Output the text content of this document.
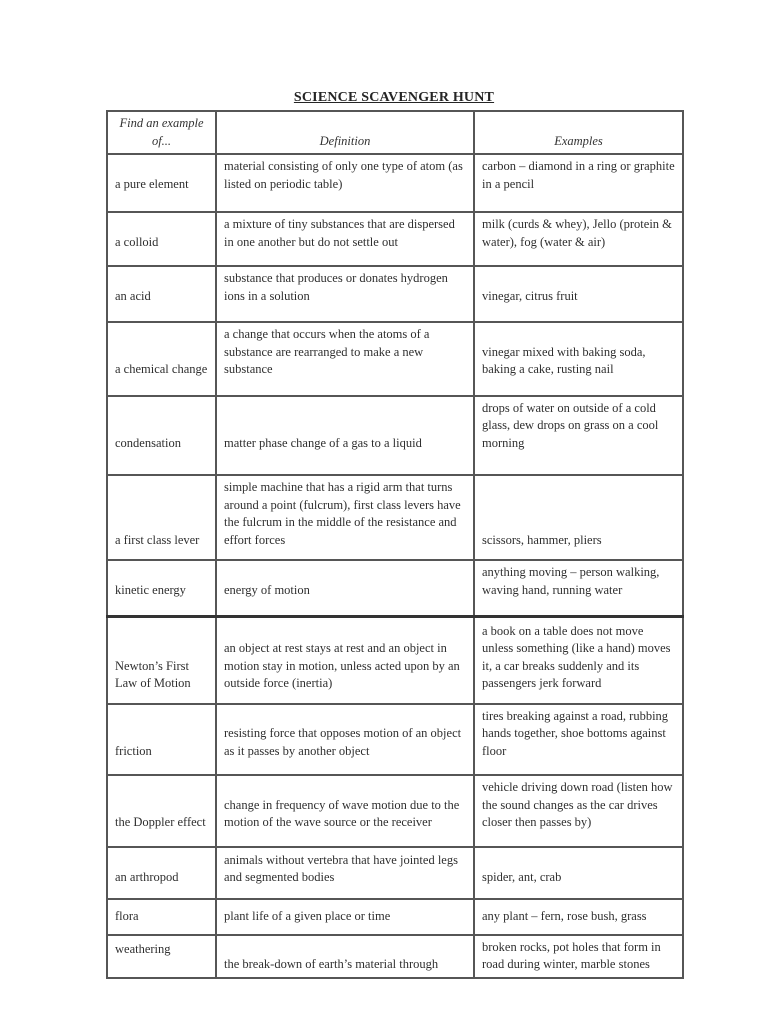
SCIENCE SCAVENGER HUNT
Find an example of...	Definition	Examples
a pure element	material consisting of only one type of atom (as listed on periodic table)	carbon – diamond in a ring or graphite in a pencil
a colloid	a mixture of tiny substances that are dispersed in one another but do not settle out	milk (curds & whey), Jello (protein & water), fog (water & air)
an acid	substance that produces or donates hydrogen ions in a solution	vinegar, citrus fruit
a chemical change	a change that occurs when the atoms of a substance are rearranged to make a new substance	vinegar mixed with baking soda, baking a cake, rusting nail
condensation	matter phase change of a gas to a liquid	drops of water on outside of a cold glass, dew drops on grass on a cool morning
a first class lever	simple machine that has a rigid arm that turns around a point (fulcrum), first class levers have the fulcrum in the middle of the resistance and effort forces	scissors, hammer, pliers
kinetic energy	energy of motion	anything moving – person walking, waving hand, running water
Newton’s First Law of Motion	an object at rest stays at rest and an object in motion stay in motion, unless acted upon by an outside force (inertia)	a book on a table does not move unless something (like a hand) moves it, a car breaks suddenly and its passengers jerk forward
friction	resisting force that opposes motion of an object as it passes by another object	tires breaking against a road, rubbing hands together, shoe bottoms against floor
the Doppler effect	change in frequency of wave motion due to the motion of the wave source or the receiver	vehicle driving down road (listen how the sound changes as the car drives closer then passes by)
an arthropod	animals without vertebra that have jointed legs and segmented bodies	spider, ant, crab
flora	plant life of a given place or time	any plant – fern, rose bush, grass
weathering	the break-down of earth’s material through	broken rocks, pot holes that form in road during winter, marble stones
